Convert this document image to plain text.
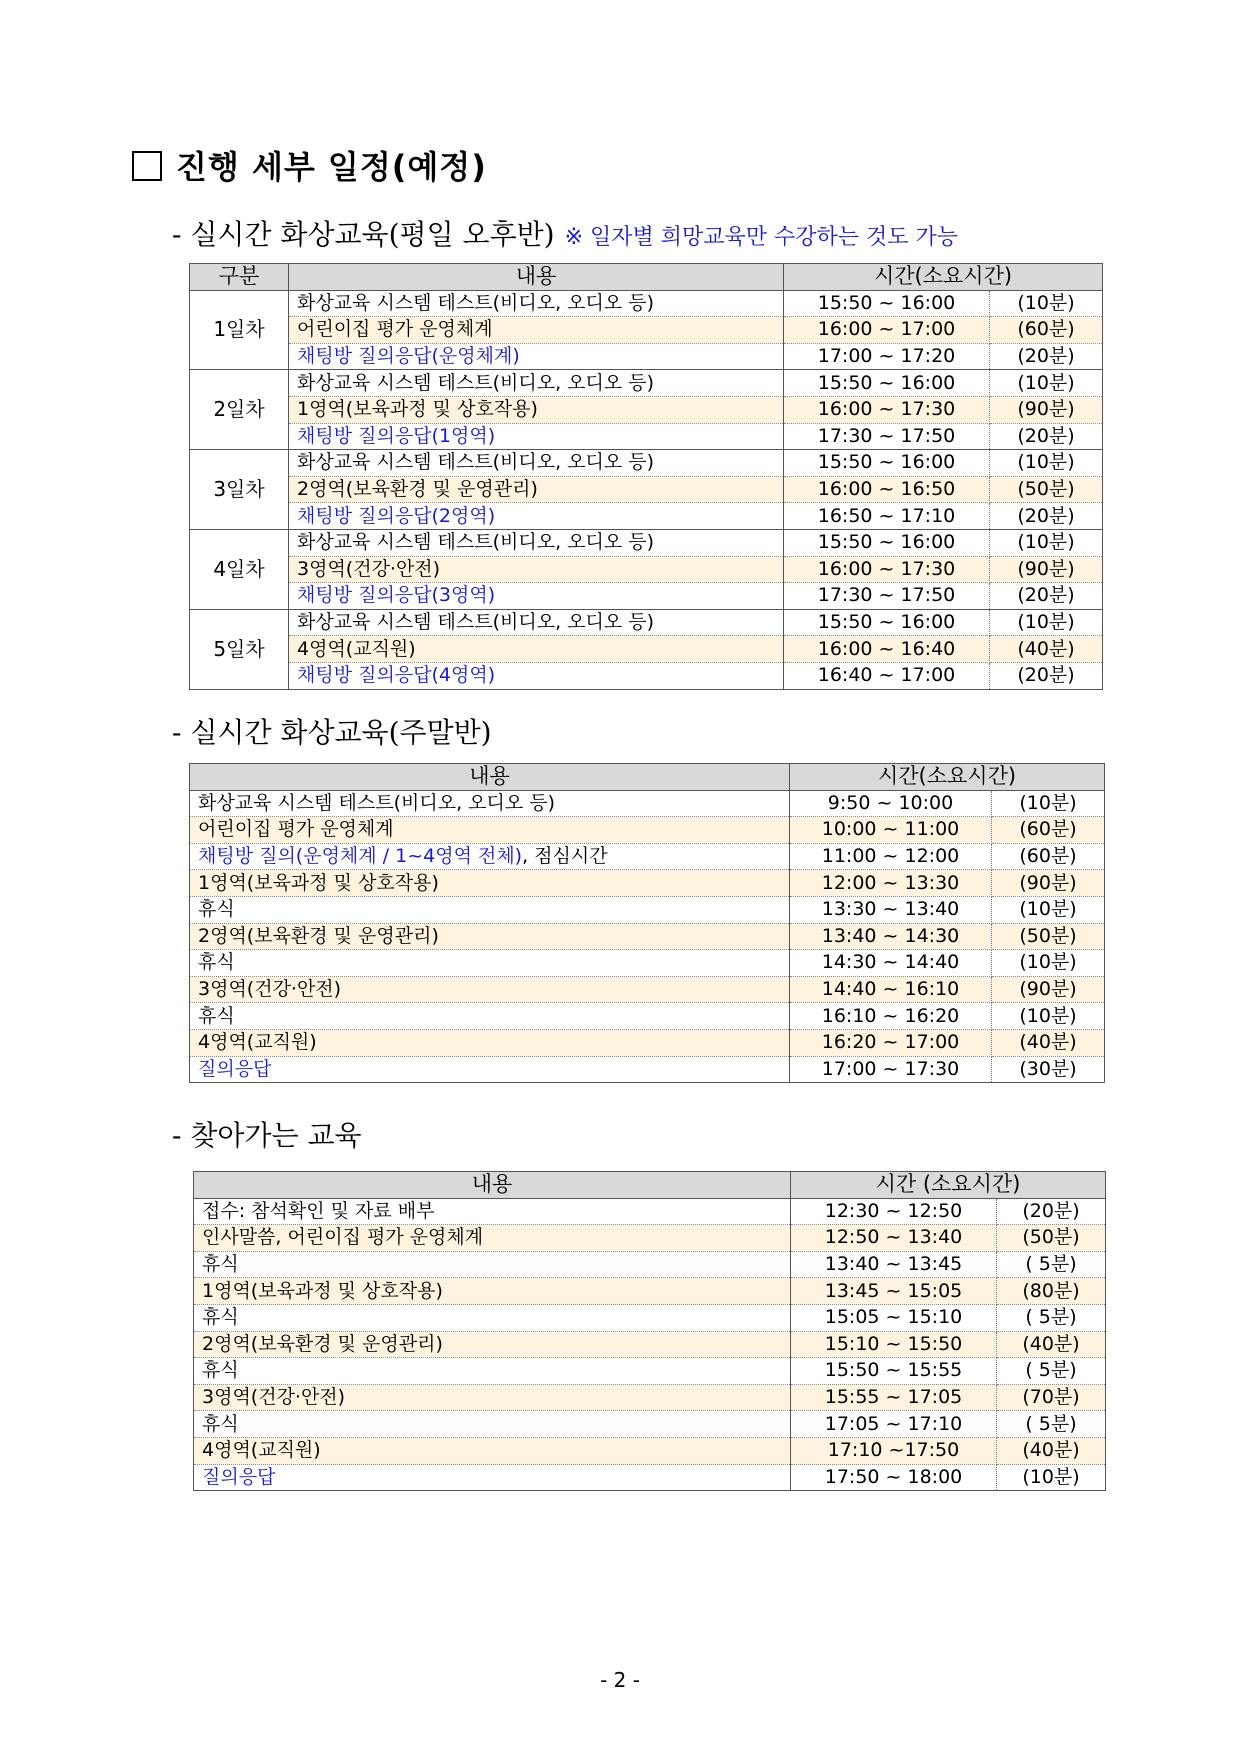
진행 세부 일정(예정)
- 실시간 화상교육(평일 오후반) ※ 일자별 희망교육만 수강하는 것도 가능
구분	내용	시간(소요시간)	
1일차	화상교육 시스템 테스트(비디오, 오디오 등)	15:50 ~ 16:00	(10분)
	어린이집 평가 운영체계	16:00 ~ 17:00	(60분)
	채팅방 질의응답(운영체계)	17:00 ~ 17:20	(20분)
2일차	화상교육 시스템 테스트(비디오, 오디오 등)	15:50 ~ 16:00	(10분)
	1영역(보육과정 및 상호작용)	16:00 ~ 17:30	(90분)
	채팅방 질의응답(1영역)	17:30 ~ 17:50	(20분)
3일차	화상교육 시스템 테스트(비디오, 오디오 등)	15:50 ~ 16:00	(10분)
	2영역(보육환경 및 운영관리)	16:00 ~ 16:50	(50분)
	채팅방 질의응답(2영역)	16:50 ~ 17:10	(20분)
4일차	화상교육 시스템 테스트(비디오, 오디오 등)	15:50 ~ 16:00	(10분)
	3영역(건강·안전)	16:00 ~ 17:30	(90분)
	채팅방 질의응답(3영역)	17:30 ~ 17:50	(20분)
5일차	화상교육 시스템 테스트(비디오, 오디오 등)	15:50 ~ 16:00	(10분)
	4영역(교직원)	16:00 ~ 16:40	(40분)
	채팅방 질의응답(4영역)	16:40 ~ 17:00	(20분)
- 실시간 화상교육(주말반)
내용	시간(소요시간)	
화상교육 시스템 테스트(비디오, 오디오 등)	9:50 ~ 10:00	(10분)
어린이집 평가 운영체계	10:00 ~ 11:00	(60분)
채팅방 질의(운영체계 / 1~4영역 전체), 점심시간	11:00 ~ 12:00	(60분)
1영역(보육과정 및 상호작용)	12:00 ~ 13:30	(90분)
휴식	13:30 ~ 13:40	(10분)
2영역(보육환경 및 운영관리)	13:40 ~ 14:30	(50분)
휴식	14:30 ~ 14:40	(10분)
3영역(건강·안전)	14:40 ~ 16:10	(90분)
휴식	16:10 ~ 16:20	(10분)
4영역(교직원)	16:20 ~ 17:00	(40분)
질의응답	17:00 ~ 17:30	(30분)
- 찾아가는 교육
내용	시간 (소요시간)	
접수: 참석확인 및 자료 배부	12:30 ~ 12:50	(20분)
인사말씀, 어린이집 평가 운영체계	12:50 ~ 13:40	(50분)
휴식	13:40 ~ 13:45	( 5분)
1영역(보육과정 및 상호작용)	13:45 ~ 15:05	(80분)
휴식	15:05 ~ 15:10	( 5분)
2영역(보육환경 및 운영관리)	15:10 ~ 15:50	(40분)
휴식	15:50 ~ 15:55	( 5분)
3영역(건강·안전)	15:55 ~ 17:05	(70분)
휴식	17:05 ~ 17:10	( 5분)
4영역(교직원)	17:10 ~17:50	(40분)
질의응답	17:50 ~ 18:00	(10분)
- 2 -
